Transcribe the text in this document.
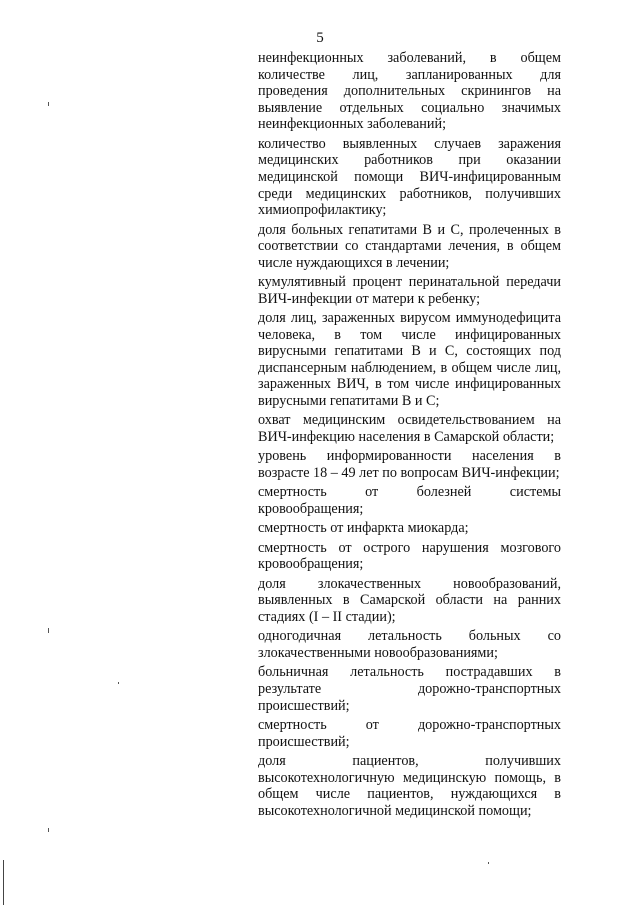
5

неинфекционных заболеваний, в общем количестве лиц, запланированных для проведения дополнительных скринингов на выявление отдельных социально значимых неинфекционных заболеваний;

количество выявленных случаев заражения медицинских работников при оказании медицинской помощи ВИЧ-инфицированным среди медицинских работников, получивших химиопрофилактику;

доля больных гепатитами В и С, пролеченных в соответствии со стандартами лечения, в общем числе нуждающихся в лечении;

кумулятивный процент перинатальной передачи ВИЧ-инфекции от матери к ребенку;

доля лиц, зараженных вирусом иммунодефицита человека, в том числе инфицированных вирусными гепатитами В и С, состоящих под диспансерным наблюдением, в общем числе лиц, зараженных ВИЧ, в том числе инфицированных вирусными гепатитами В и С;

охват медицинским освидетельствованием на ВИЧ-инфекцию населения в Самарской области;

уровень информированности населения в возрасте 18 – 49 лет по вопросам ВИЧ-инфекции;

смертность от болезней системы кровообращения;

смертность от инфаркта миокарда;

смертность от острого нарушения мозгового кровообращения;

доля злокачественных новообразований, выявленных в Самарской области на ранних стадиях (I – II стадии);

одногодичная летальность больных со злокачественными новообразованиями;

больничная летальность пострадавших в результате дорожно-транспортных происшествий;

смертность от дорожно-транспортных происшествий;

доля пациентов, получивших высокотехнологичную медицинскую помощь, в общем числе пациентов, нуждающихся в высокотехнологичной медицинской помощи;
